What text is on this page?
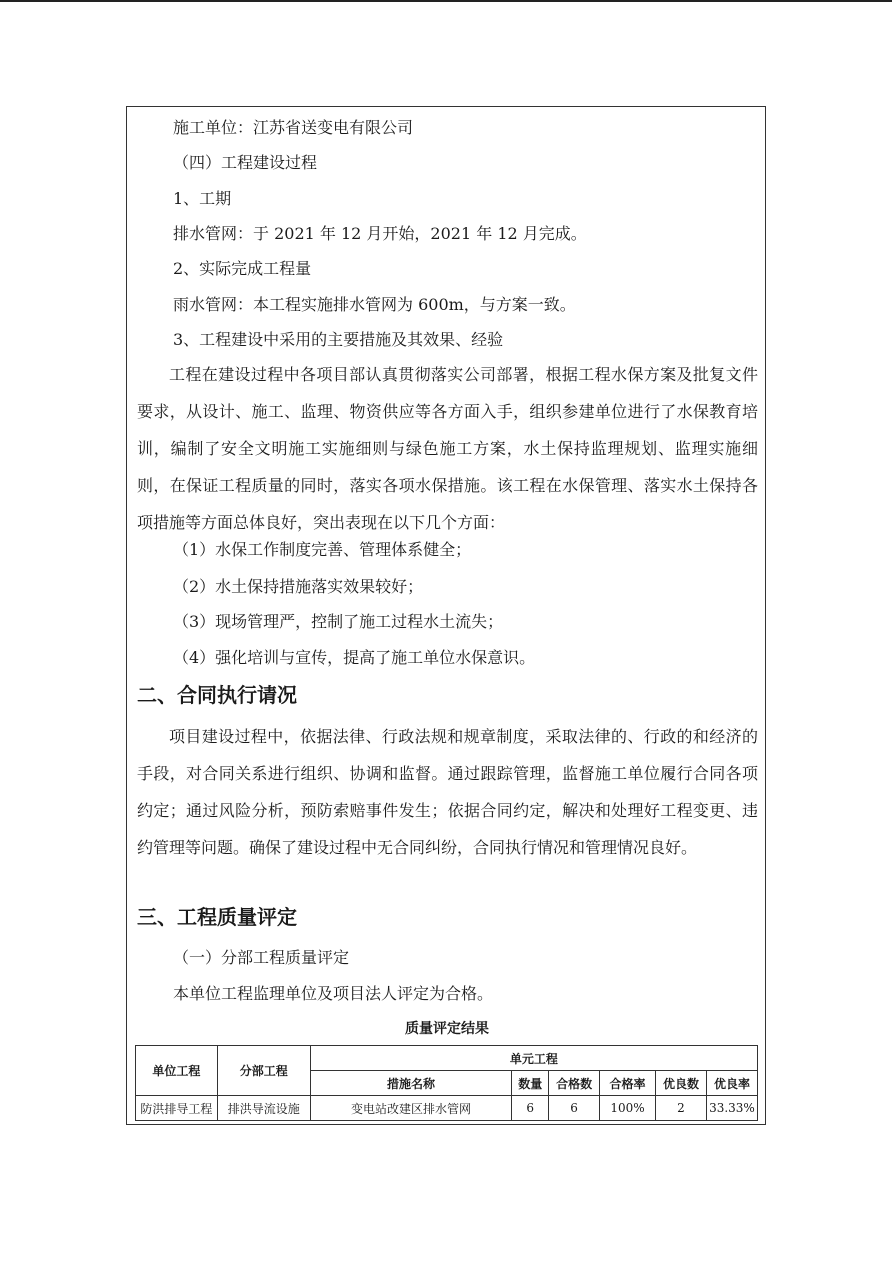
施工单位：江苏省送变电有限公司
（四）工程建设过程
1、工期
排水管网：于 2021 年 12 月开始，2021 年 12 月完成。
2、实际完成工程量
雨水管网：本工程实施排水管网为 600m，与方案一致。
3、工程建设中采用的主要措施及其效果、经验
工程在建设过程中各项目部认真贯彻落实公司部署，根据工程水保方案及批复文件要求，从设计、施工、监理、物资供应等各方面入手，组织参建单位进行了水保教育培训，编制了安全文明施工实施细则与绿色施工方案，水土保持监理规划、监理实施细则，在保证工程质量的同时，落实各项水保措施。该工程在水保管理、落实水土保持各项措施等方面总体良好，突出表现在以下几个方面：
（1）水保工作制度完善、管理体系健全；
（2）水土保持措施落实效果较好；
（3）现场管理严，控制了施工过程水土流失；
（4）强化培训与宣传，提高了施工单位水保意识。
二、合同执行请况
项目建设过程中，依据法律、行政法规和规章制度，采取法律的、行政的和经济的手段，对合同关系进行组织、协调和监督。通过跟踪管理，监督施工单位履行合同各项约定；通过风险分析，预防索赔事件发生；依据合同约定，解决和处理好工程变更、违约管理等问题。确保了建设过程中无合同纠纷，合同执行情况和管理情况良好。
三、工程质量评定
（一）分部工程质量评定
本单位工程监理单位及项目法人评定为合格。
质量评定结果
单位工程	分部工程	单元工程					
		措施名称	数量	合格数	合格率	优良数	优良率
防洪排导工程	排洪导流设施	变电站改建区排水管网	6	6	100%	2	33.33%
